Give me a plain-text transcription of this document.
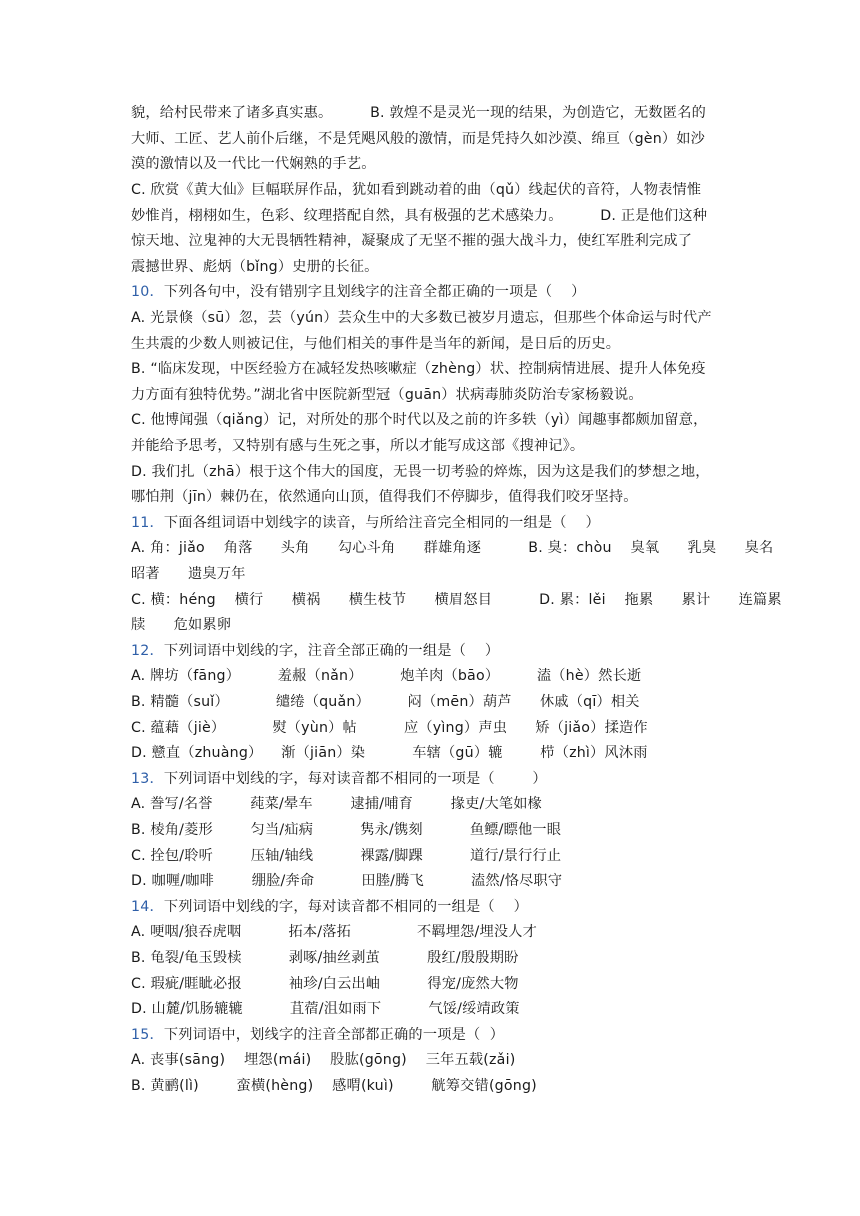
貌，给村民带来了诸多真实惠。        B. 敦煌不是灵光一现的结果，为创造它，无数匿名的
大师、工匠、艺人前仆后继，不是凭飓风般的激情，而是凭持久如沙漠、绵亘（gèn）如沙
漠的激情以及一代比一代娴熟的手艺。
C. 欣赏《黄大仙》巨幅联屏作品，犹如看到跳动着的曲（qǔ）线起伏的音符，人物表情惟
妙惟肖，栩栩如生，色彩、纹理搭配自然，具有极强的艺术感染力。        D. 正是他们这种
惊天地、泣鬼神的大无畏牺牲精神，凝聚成了无坚不摧的强大战斗力，使红军胜利完成了
震撼世界、彪炳（bǐng）史册的长征。
10．下列各句中，没有错别字且划线字的注音全都正确的一项是（    ）
A. 光景倏（sū）忽，芸（yún）芸众生中的大多数已被岁月遗忘，但那些个体命运与时代产
生共震的少数人则被记住，与他们相关的事件是当年的新闻，是日后的历史。
B. “临床发现，中医经验方在减轻发热咳嗽症（zhèng）状、控制病情进展、提升人体免疫
力方面有独特优势。”湖北省中医院新型冠（guān）状病毒肺炎防治专家杨毅说。
C. 他博闻强（qiǎng）记，对所处的那个时代以及之前的许多轶（yì）闻趣事都颇加留意，
并能给予思考，又特别有感与生死之事，所以才能写成这部《搜神记》。
D. 我们扎（zhā）根于这个伟大的国度，无畏一切考验的焠炼，因为这是我们的梦想之地，
哪怕荆（jīn）棘仍在，依然通向山顶，值得我们不停脚步，值得我们咬牙坚持。
11．下面各组词语中划线字的读音，与所给注音完全相同的一组是（    ）
A. 角：jiǎo    角落      头角      勾心斗角      群雄角逐          B. 臭：chòu    臭氧      乳臭      臭名
昭著      遗臭万年
C. 横：héng    横行      横祸      横生枝节      横眉怒目          D. 累：lěi    拖累      累计      连篇累
牍      危如累卵
12．下列词语中划线的字，注音全部正确的一组是（    ）
A. 牌坊（fāng）        羞赧（nǎn）        炮羊肉（bāo）        溘（hè）然长逝
B. 精髓（suǐ）          缱绻（quǎn）        闷（mēn）葫芦      休戚（qī）相关
C. 蕴藉（jiè）          熨（yùn）帖          应（yìng）声虫      矫（jiǎo）揉造作
D. 戆直（zhuàng）    渐（jiān）染          车辖（gū）辘        栉（zhì）风沐雨
13．下列词语中划线的字，每对读音都不相同的一项是（        ）
A. 誊写/名誉        莼菜/晕车        逮捕/哺育        掾吏/大笔如椽
B. 棱角/菱形        匀当/疝病          隽永/镌刻          鱼鳔/瞟他一眼
C. 拴包/聆听        压轴/轴线          裸露/脚踝          道行/景行行止
D. 咖喱/咖啡        绷脸/奔命          田塍/腾飞          溘然/恪尽职守
14．下列词语中划线的字，每对读音都不相同的一组是（    ）
A. 哽咽/狼吞虎咽          拓本/落拓              不羁埋怨/埋没人才
B. 龟裂/龟玉毁椟          剥啄/抽丝剥茧          殷红/殷殷期盼
C. 瑕疵/睚眦必报          袖珍/白云出岫          得宠/庞然大物
D. 山麓/饥肠辘辘          苴蓿/沮如雨下          气馁/绥靖政策
15．下列词语中，划线字的注音全部都正确的一项是（  ）
A. 丧事(sāng)    埋怨(mái)    股肱(gōng)    三年五载(zǎi)
B. 黄鹂(lì)        蛮横(hèng)    感喟(kuì)        觥筹交错(gōng)
